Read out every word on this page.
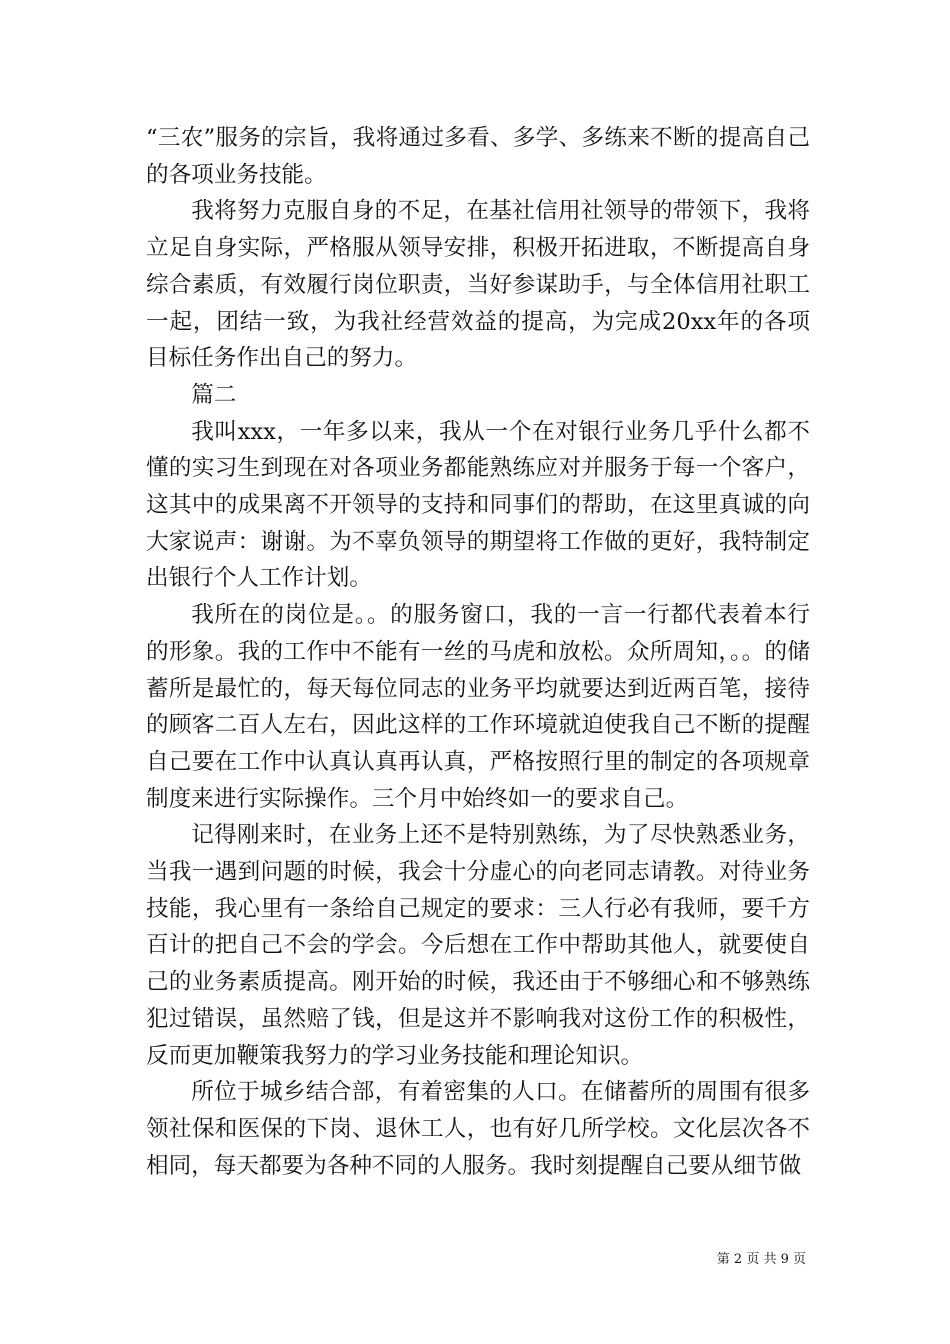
“三农”服务的宗旨，我将通过多看、多学、多练来不断的提高自己的各项业务技能。

我将努力克服自身的不足，在基社信用社领导的带领下，我将立足自身实际，严格服从领导安排，积极开拓进取，不断提高自身综合素质，有效履行岗位职责，当好参谋助手，与全体信用社职工一起，团结一致，为我社经营效益的提高，为完成20xx年的各项目标任务作出自己的努力。

篇二

我叫xxx，一年多以来，我从一个在对银行业务几乎什么都不懂的实习生到现在对各项业务都能熟练应对并服务于每一个客户，这其中的成果离不开领导的支持和同事们的帮助，在这里真诚的向大家说声：谢谢。为不辜负领导的期望将工作做的更好，我特制定出银行个人工作计划。

我所在的岗位是。。的服务窗口，我的一言一行都代表着本行的形象。我的工作中不能有一丝的马虎和放松。众所周知，。。的储蓄所是最忙的，每天每位同志的业务平均就要达到近两百笔，接待的顾客二百人左右，因此这样的工作环境就迫使我自己不断的提醒自己要在工作中认真认真再认真，严格按照行里的制定的各项规章制度来进行实际操作。三个月中始终如一的要求自己。

记得刚来时，在业务上还不是特别熟练，为了尽快熟悉业务，当我一遇到问题的时候，我会十分虚心的向老同志请教。对待业务技能，我心里有一条给自己规定的要求：三人行必有我师，要千方百计的把自己不会的学会。今后想在工作中帮助其他人，就要使自己的业务素质提高。刚开始的时候，我还由于不够细心和不够熟练犯过错误，虽然赔了钱，但是这并不影响我对这份工作的积极性，反而更加鞭策我努力的学习业务技能和理论知识。

所位于城乡结合部，有着密集的人口。在储蓄所的周围有很多领社保和医保的下岗、退休工人，也有好几所学校。文化层次各不相同，每天都要为各种不同的人服务。我时刻提醒自己要从细节做

第 2 页 共 9 页
